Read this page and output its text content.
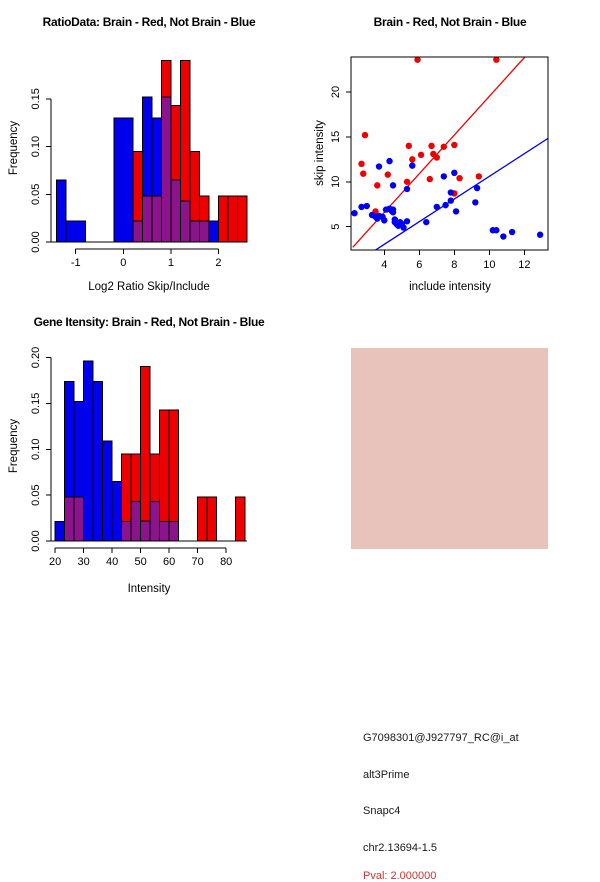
0.00
0.05
0.10
0.15
-1	0	1	2	4	6	8 10 12
5
10
15
20
0.00
0.05
0.10
0.15
0.20
20 30 40 50 60 70 80
RatioData: Brain - Red, Not Brain - Blue
Frequency
Log2 Ratio Skip/Include
Brain - Red, Not Brain - Blue
skip intensity
include intensity
Gene Itensity: Brain - Red, Not Brain - Blue
Frequency
Intensity
G7098301@J927797_RC@i_at
alt3Prime
Snapc4
chr2.13694-1.5
Pval: 2.000000
